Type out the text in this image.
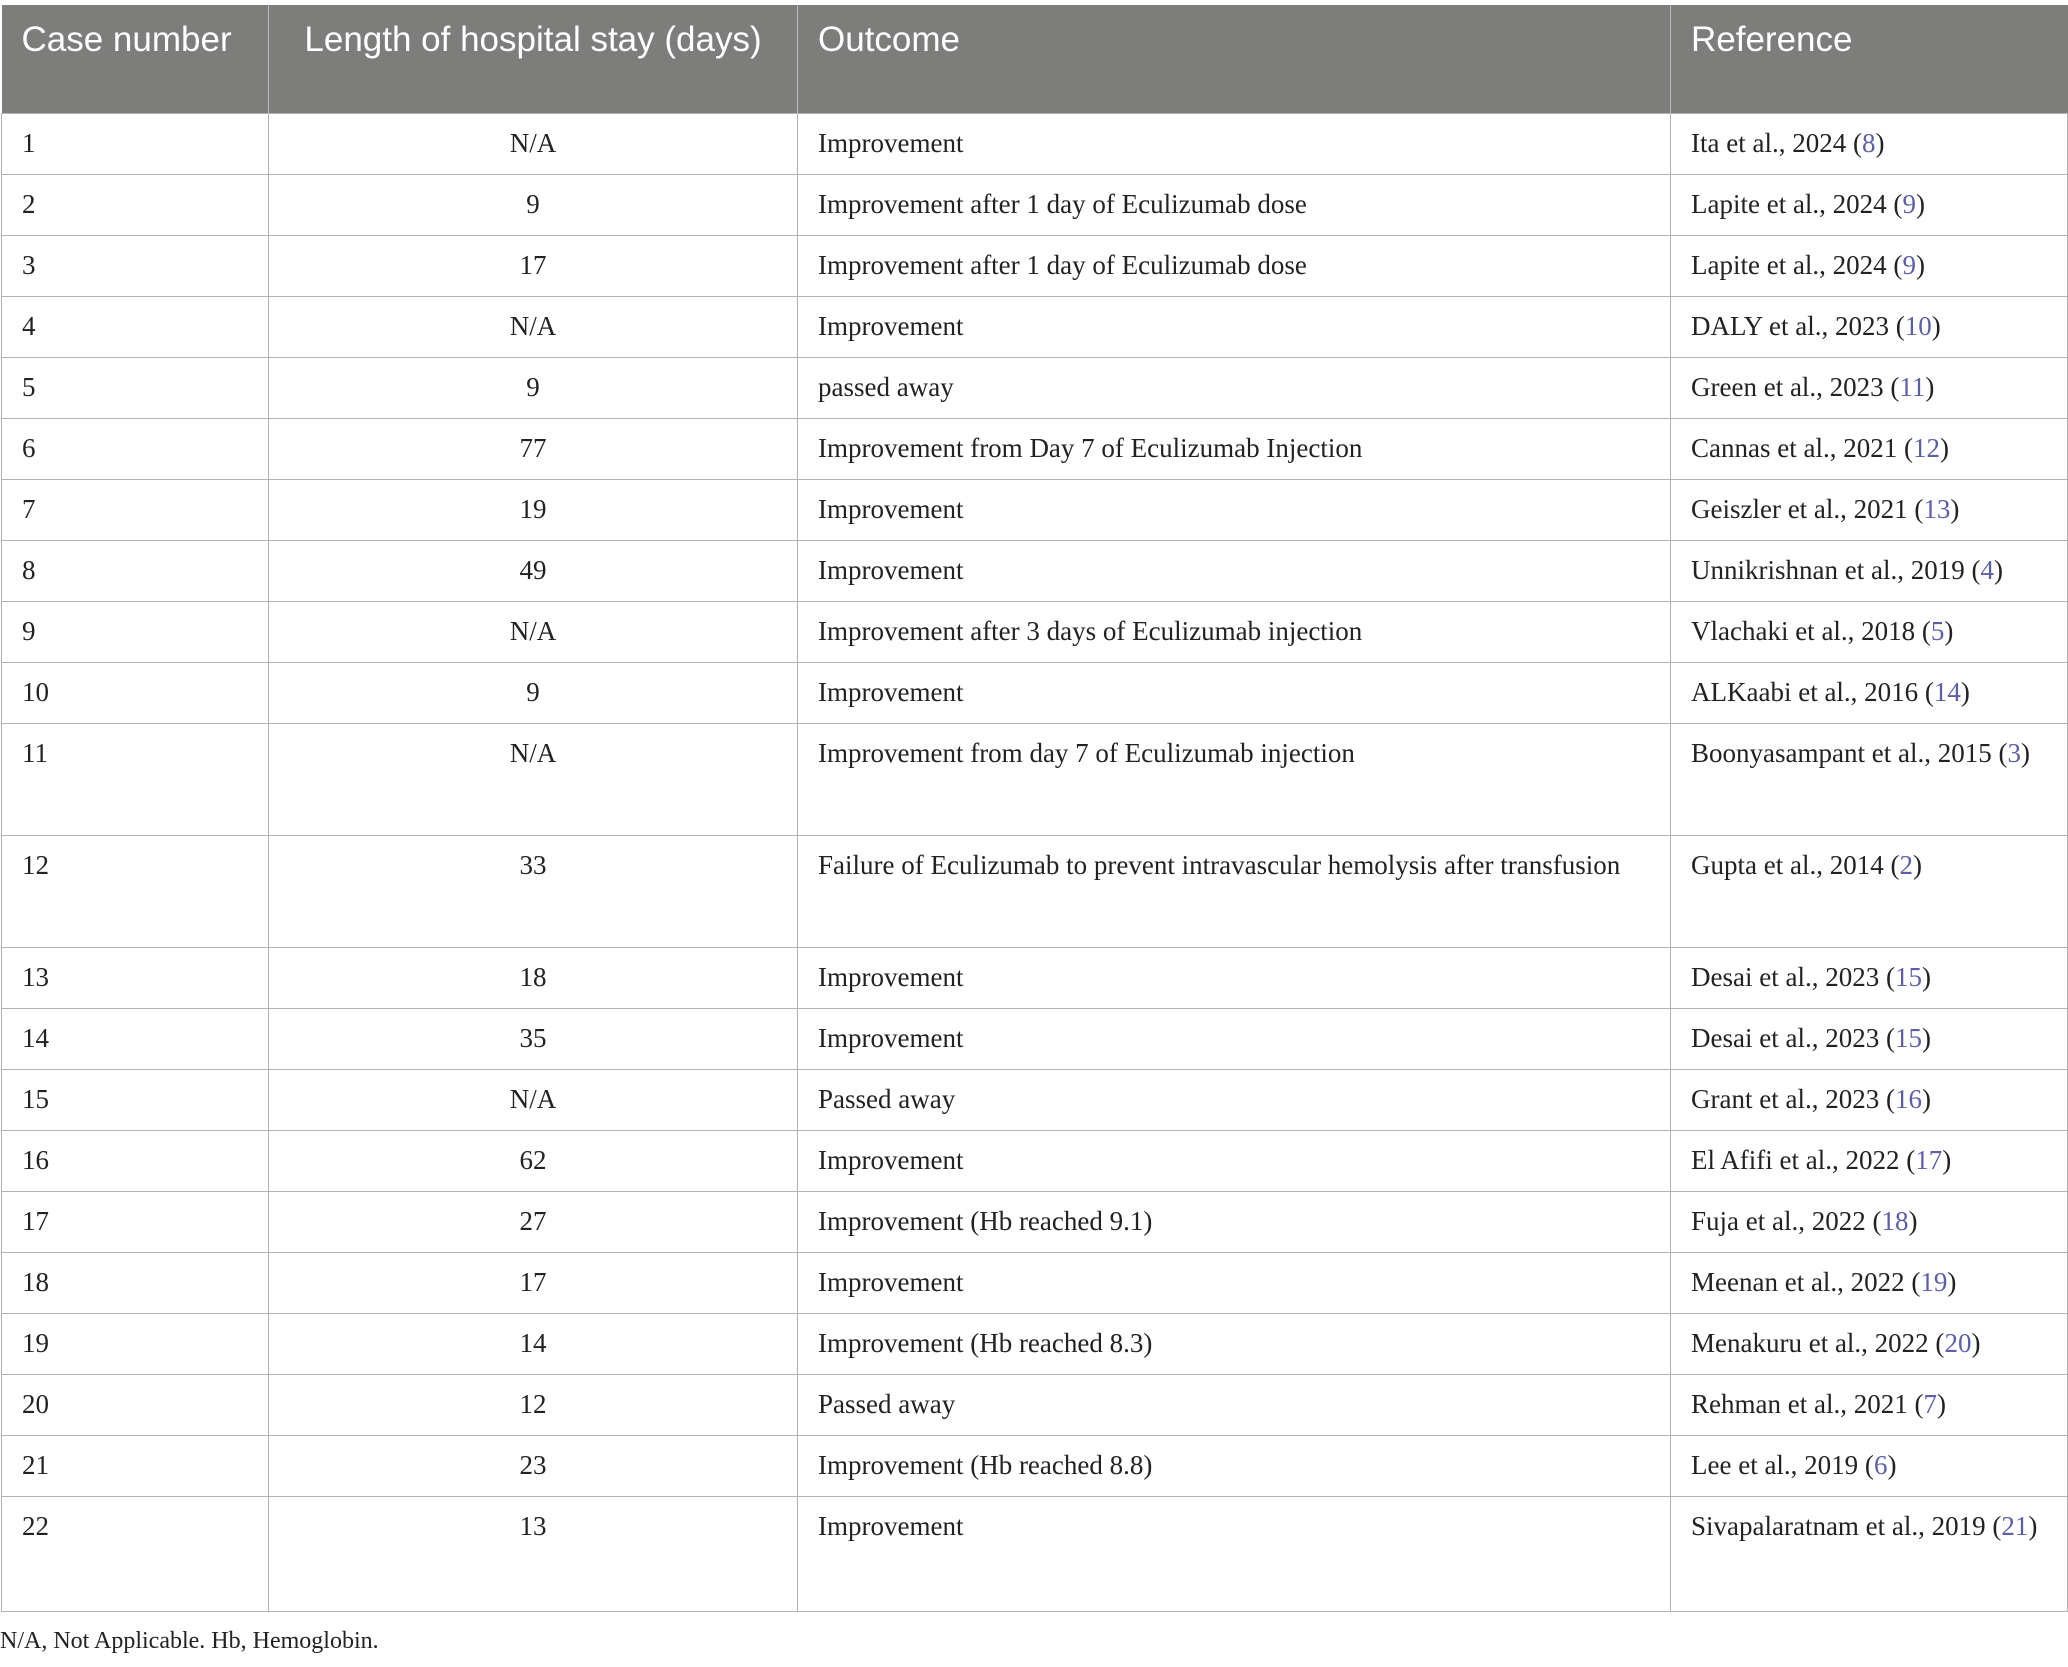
Case number	Length of hospital stay (days)	Outcome	Reference
1	N/A	Improvement	Ita et al., 2024 (8)
2	9	Improvement after 1 day of Eculizumab dose	Lapite et al., 2024 (9)
3	17	Improvement after 1 day of Eculizumab dose	Lapite et al., 2024 (9)
4	N/A	Improvement	DALY et al., 2023 (10)
5	9	passed away	Green et al., 2023 (11)
6	77	Improvement from Day 7 of Eculizumab Injection	Cannas et al., 2021 (12)
7	19	Improvement	Geiszler et al., 2021 (13)
8	49	Improvement	Unnikrishnan et al., 2019 (4)
9	N/A	Improvement after 3 days of Eculizumab injection	Vlachaki et al., 2018 (5)
10	9	Improvement	ALKaabi et al., 2016 (14)
11	N/A	Improvement from day 7 of Eculizumab injection	Boonyasampant et al., 2015 (3)
12	33	Failure of Eculizumab to prevent intravascular hemolysis after transfusion	Gupta et al., 2014 (2)
13	18	Improvement	Desai et al., 2023 (15)
14	35	Improvement	Desai et al., 2023 (15)
15	N/A	Passed away	Grant et al., 2023 (16)
16	62	Improvement	El Afifi et al., 2022 (17)
17	27	Improvement (Hb reached 9.1)	Fuja et al., 2022 (18)
18	17	Improvement	Meenan et al., 2022 (19)
19	14	Improvement (Hb reached 8.3)	Menakuru et al., 2022 (20)
20	12	Passed away	Rehman et al., 2021 (7)
21	23	Improvement (Hb reached 8.8)	Lee et al., 2019 (6)
22	13	Improvement	Sivapalaratnam et al., 2019 (21)
N/A, Not Applicable. Hb, Hemoglobin.
